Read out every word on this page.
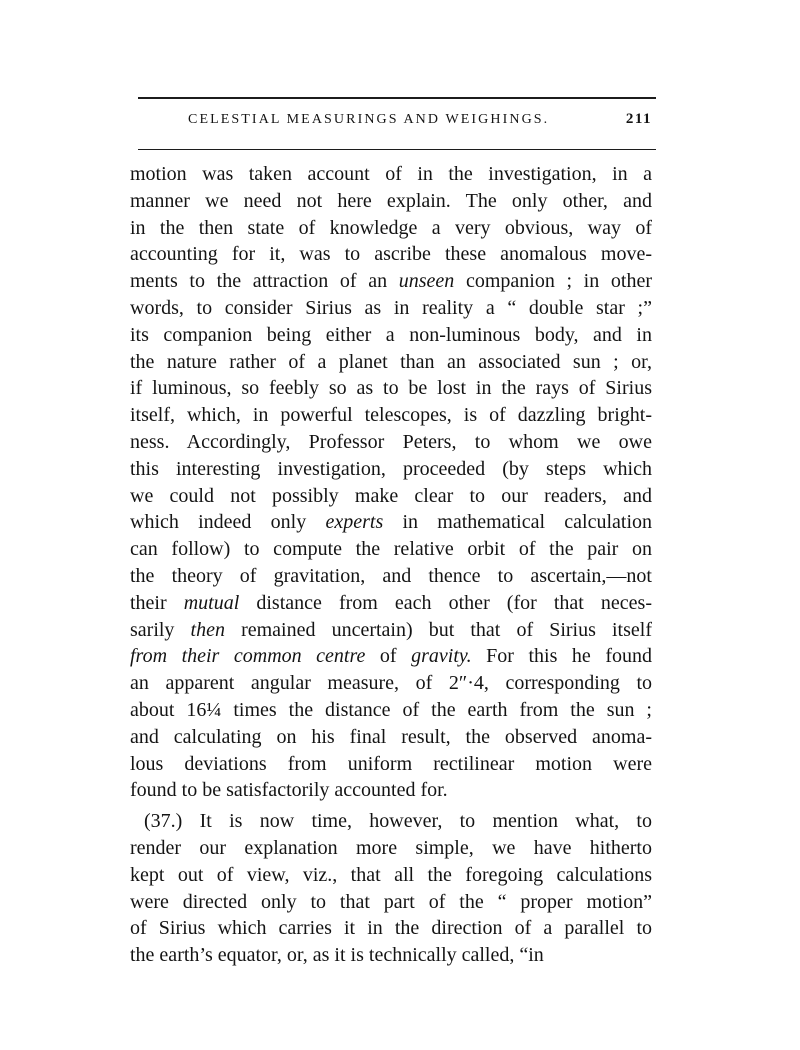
CELESTIAL MEASURINGS AND WEIGHINGS.	211
motion was taken account of in the investigation, in a
manner we need not here explain. The only other, and
in the then state of knowledge a very obvious, way of
accounting for it, was to ascribe these anomalous move-
ments to the attraction of an unseen companion ; in other
words, to consider Sirius as in reality a “ double star ;”
its companion being either a non-luminous body, and in
the nature rather of a planet than an associated sun ; or,
if luminous, so feebly so as to be lost in the rays of Sirius
itself, which, in powerful telescopes, is of dazzling bright-
ness. Accordingly, Professor Peters, to whom we owe
this interesting investigation, proceeded (by steps which
we could not possibly make clear to our readers, and
which indeed only experts in mathematical calculation
can follow) to compute the relative orbit of the pair on
the theory of gravitation, and thence to ascertain,—not
their mutual distance from each other (for that neces-
sarily then remained uncertain) but that of Sirius itself
from their common centre of gravity. For this he found
an apparent angular measure, of 2″·4, corresponding to
about 16¼ times the distance of the earth from the sun ;
and calculating on his final result, the observed anoma-
lous deviations from uniform rectilinear motion were
found to be satisfactorily accounted for.
(37.) It is now time, however, to mention what, to
render our explanation more simple, we have hitherto
kept out of view, viz., that all the foregoing calculations
were directed only to that part of the “ proper motion”
of Sirius which carries it in the direction of a parallel to
the earth’s equator, or, as it is technically called, “in
